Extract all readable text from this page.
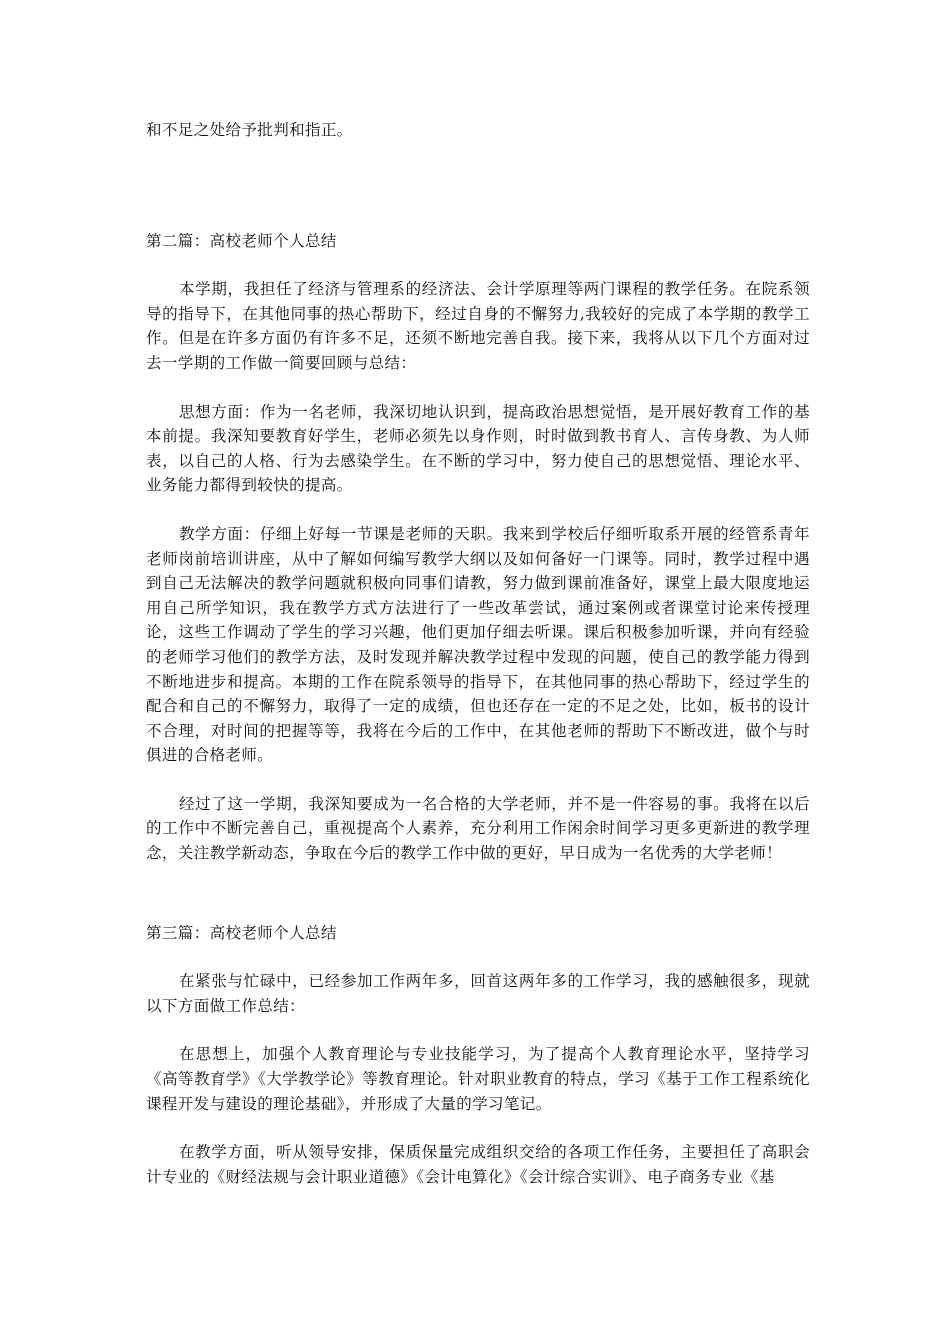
和不足之处给予批判和指正。

第二篇：高校老师个人总结

本学期，我担任了经济与管理系的经济法、会计学原理等两门课程的教学任务。在院系领导的指导下，在其他同事的热心帮助下，经过自身的不懈努力,我较好的完成了本学期的教学工作。但是在许多方面仍有许多不足，还须不断地完善自我。接下来，我将从以下几个方面对过去一学期的工作做一简要回顾与总结：

思想方面：作为一名老师，我深切地认识到，提高政治思想觉悟，是开展好教育工作的基本前提。我深知要教育好学生，老师必须先以身作则，时时做到教书育人、言传身教、为人师表，以自己的人格、行为去感染学生。在不断的学习中，努力使自己的思想觉悟、理论水平、业务能力都得到较快的提高。

教学方面：仔细上好每一节课是老师的天职。我来到学校后仔细听取系开展的经管系青年老师岗前培训讲座，从中了解如何编写教学大纲以及如何备好一门课等。同时，教学过程中遇到自己无法解决的教学问题就积极向同事们请教，努力做到课前准备好，课堂上最大限度地运用自己所学知识，我在教学方式方法进行了一些改革尝试，通过案例或者课堂讨论来传授理论，这些工作调动了学生的学习兴趣，他们更加仔细去听课。课后积极参加听课，并向有经验的老师学习他们的教学方法，及时发现并解决教学过程中发现的问题，使自己的教学能力得到不断地进步和提高。本期的工作在院系领导的指导下，在其他同事的热心帮助下，经过学生的配合和自己的不懈努力，取得了一定的成绩，但也还存在一定的不足之处，比如，板书的设计不合理，对时间的把握等等，我将在今后的工作中，在其他老师的帮助下不断改进，做个与时俱进的合格老师。

经过了这一学期，我深知要成为一名合格的大学老师，并不是一件容易的事。我将在以后的工作中不断完善自己，重视提高个人素养，充分利用工作闲余时间学习更多更新进的教学理念，关注教学新动态，争取在今后的教学工作中做的更好，早日成为一名优秀的大学老师！

第三篇：高校老师个人总结

在紧张与忙碌中，已经参加工作两年多，回首这两年多的工作学习，我的感触很多，现就以下方面做工作总结：

在思想上，加强个人教育理论与专业技能学习，为了提高个人教育理论水平，坚持学习《高等教育学》《大学教学论》等教育理论。针对职业教育的特点，学习《基于工作工程系统化课程开发与建设的理论基础》，并形成了大量的学习笔记。

在教学方面，听从领导安排，保质保量完成组织交给的各项工作任务，主要担任了高职会计专业的《财经法规与会计职业道德》《会计电算化》《会计综合实训》、电子商务专业《基
